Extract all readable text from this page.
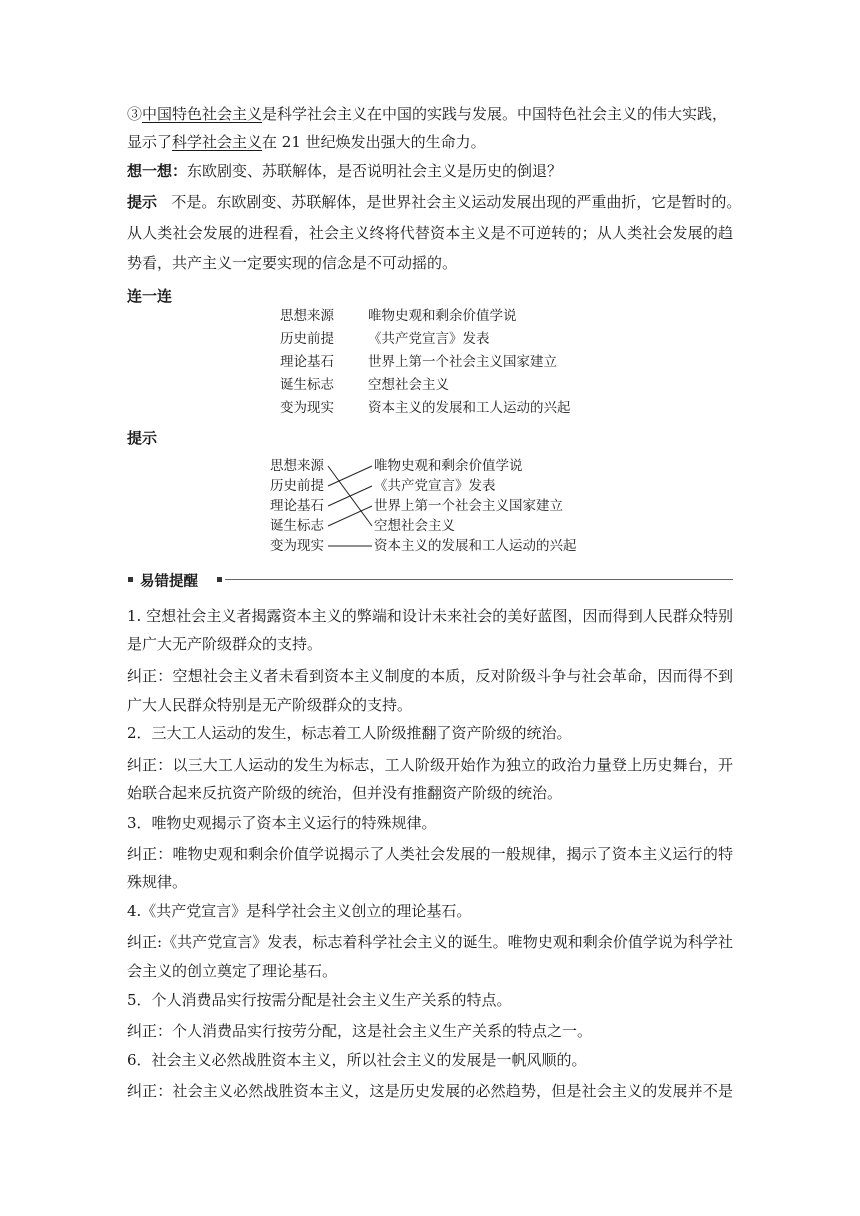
③中国特色社会主义是科学社会主义在中国的实践与发展。中国特色社会主义的伟大实践，
显示了科学社会主义在 21 世纪焕发出强大的生命力。
想一想：东欧剧变、苏联解体，是否说明社会主义是历史的倒退？
提示 不是。东欧剧变、苏联解体，是世界社会主义运动发展出现的严重曲折，它是暂时的。
从人类社会发展的进程看，社会主义终将代替资本主义是不可逆转的；从人类社会发展的趋
势看，共产主义一定要实现的信念是不可动摇的。
连一连
思想来源
历史前提
理论基石
诞生标志
变为现实
唯物史观和剩余价值学说
《共产党宣言》发表
世界上第一个社会主义国家建立
空想社会主义
资本主义的发展和工人运动的兴起
提示
思想来源
历史前提
理论基石
诞生标志
变为现实
唯物史观和剩余价值学说
《共产党宣言》发表
世界上第一个社会主义国家建立
空想社会主义
资本主义的发展和工人运动的兴起
易错提醒
1. 空想社会主义者揭露资本主义的弊端和设计未来社会的美好蓝图，因而得到人民群众特别
是广大无产阶级群众的支持。
纠正：空想社会主义者未看到资本主义制度的本质，反对阶级斗争与社会革命，因而得不到
广大人民群众特别是无产阶级群众的支持。
2．三大工人运动的发生，标志着工人阶级推翻了资产阶级的统治。
纠正：以三大工人运动的发生为标志，工人阶级开始作为独立的政治力量登上历史舞台，开
始联合起来反抗资产阶级的统治，但并没有推翻资产阶级的统治。
3．唯物史观揭示了资本主义运行的特殊规律。
纠正：唯物史观和剩余价值学说揭示了人类社会发展的一般规律，揭示了资本主义运行的特
殊规律。
4.《共产党宣言》是科学社会主义创立的理论基石。
纠正:《共产党宣言》发表，标志着科学社会主义的诞生。唯物史观和剩余价值学说为科学社
会主义的创立奠定了理论基石。
5．个人消费品实行按需分配是社会主义生产关系的特点。
纠正：个人消费品实行按劳分配，这是社会主义生产关系的特点之一。
6．社会主义必然战胜资本主义，所以社会主义的发展是一帆风顺的。
纠正：社会主义必然战胜资本主义，这是历史发展的必然趋势，但是社会主义的发展并不是
